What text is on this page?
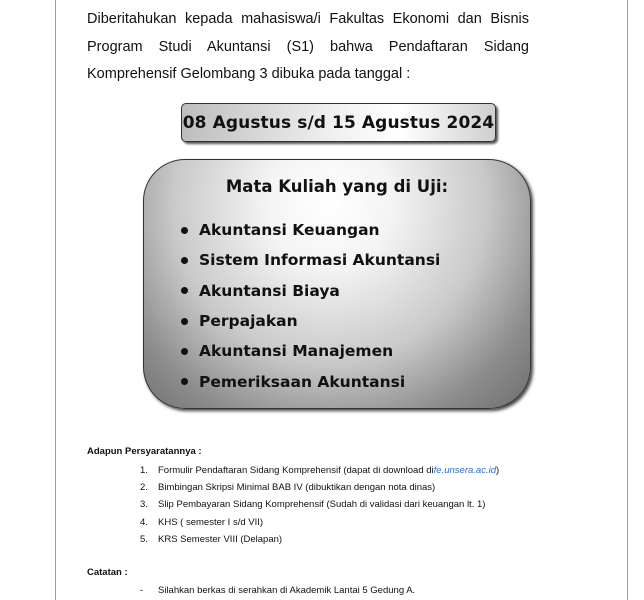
Diberitahukan kepada mahasiswa/i Fakultas Ekonomi dan Bisnis Program Studi Akuntansi (S1) bahwa Pendaftaran Sidang Komprehensif Gelombang 3 dibuka pada tanggal :
08 Agustus s/d 15 Agustus 2024
Mata Kuliah yang di Uji:
Akuntansi Keuangan
Sistem Informasi Akuntansi
Akuntansi Biaya
Perpajakan
Akuntansi Manajemen
Pemeriksaan Akuntansi
Adapun Persyaratannya :
1.	Formulir Pendaftaran Sidang Komprehensif (dapat di download di fe.unsera.ac.id )
2.	Bimbingan Skripsi Minimal BAB IV (dibuktikan dengan nota dinas)
3.	Slip Pembayaran Sidang Komprehensif (Sudah di validasi dari keuangan lt. 1)
4.	KHS ( semester I s/d VII)
5.	KRS Semester VIII (Delapan)
Catatan :
-	Silahkan berkas di serahkan di Akademik Lantai 5 Gedung A.
